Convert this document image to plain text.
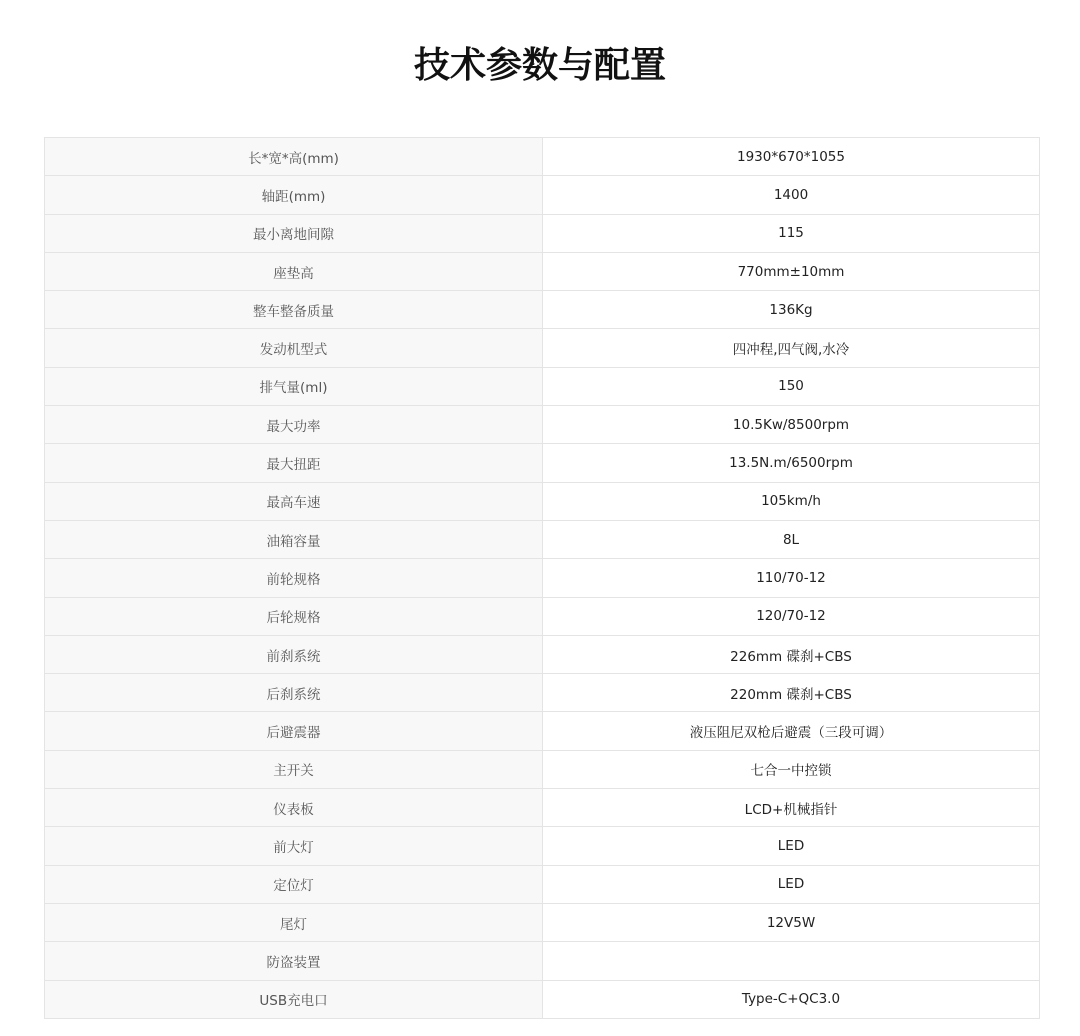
技术参数与配置
长*宽*高(mm)	1930*670*1055
轴距(mm)	1400
最小离地间隙	115
座垫高	770mm±10mm
整车整备质量	136Kg
发动机型式	四冲程,四气阀,水冷
排气量(ml)	150
最大功率	10.5Kw/8500rpm
最大扭距	13.5N.m/6500rpm
最高车速	105km/h
油箱容量	8L
前轮规格	110/70-12
后轮规格	120/70-12
前刹系统	226mm 碟刹+CBS
后刹系统	220mm 碟刹+CBS
后避震器	液压阻尼双枪后避震（三段可调）
主开关	七合一中控锁
仪表板	LCD+机械指针
前大灯	LED
定位灯	LED
尾灯	12V5W
防盗装置	
USB充电口	Type-C+QC3.0
